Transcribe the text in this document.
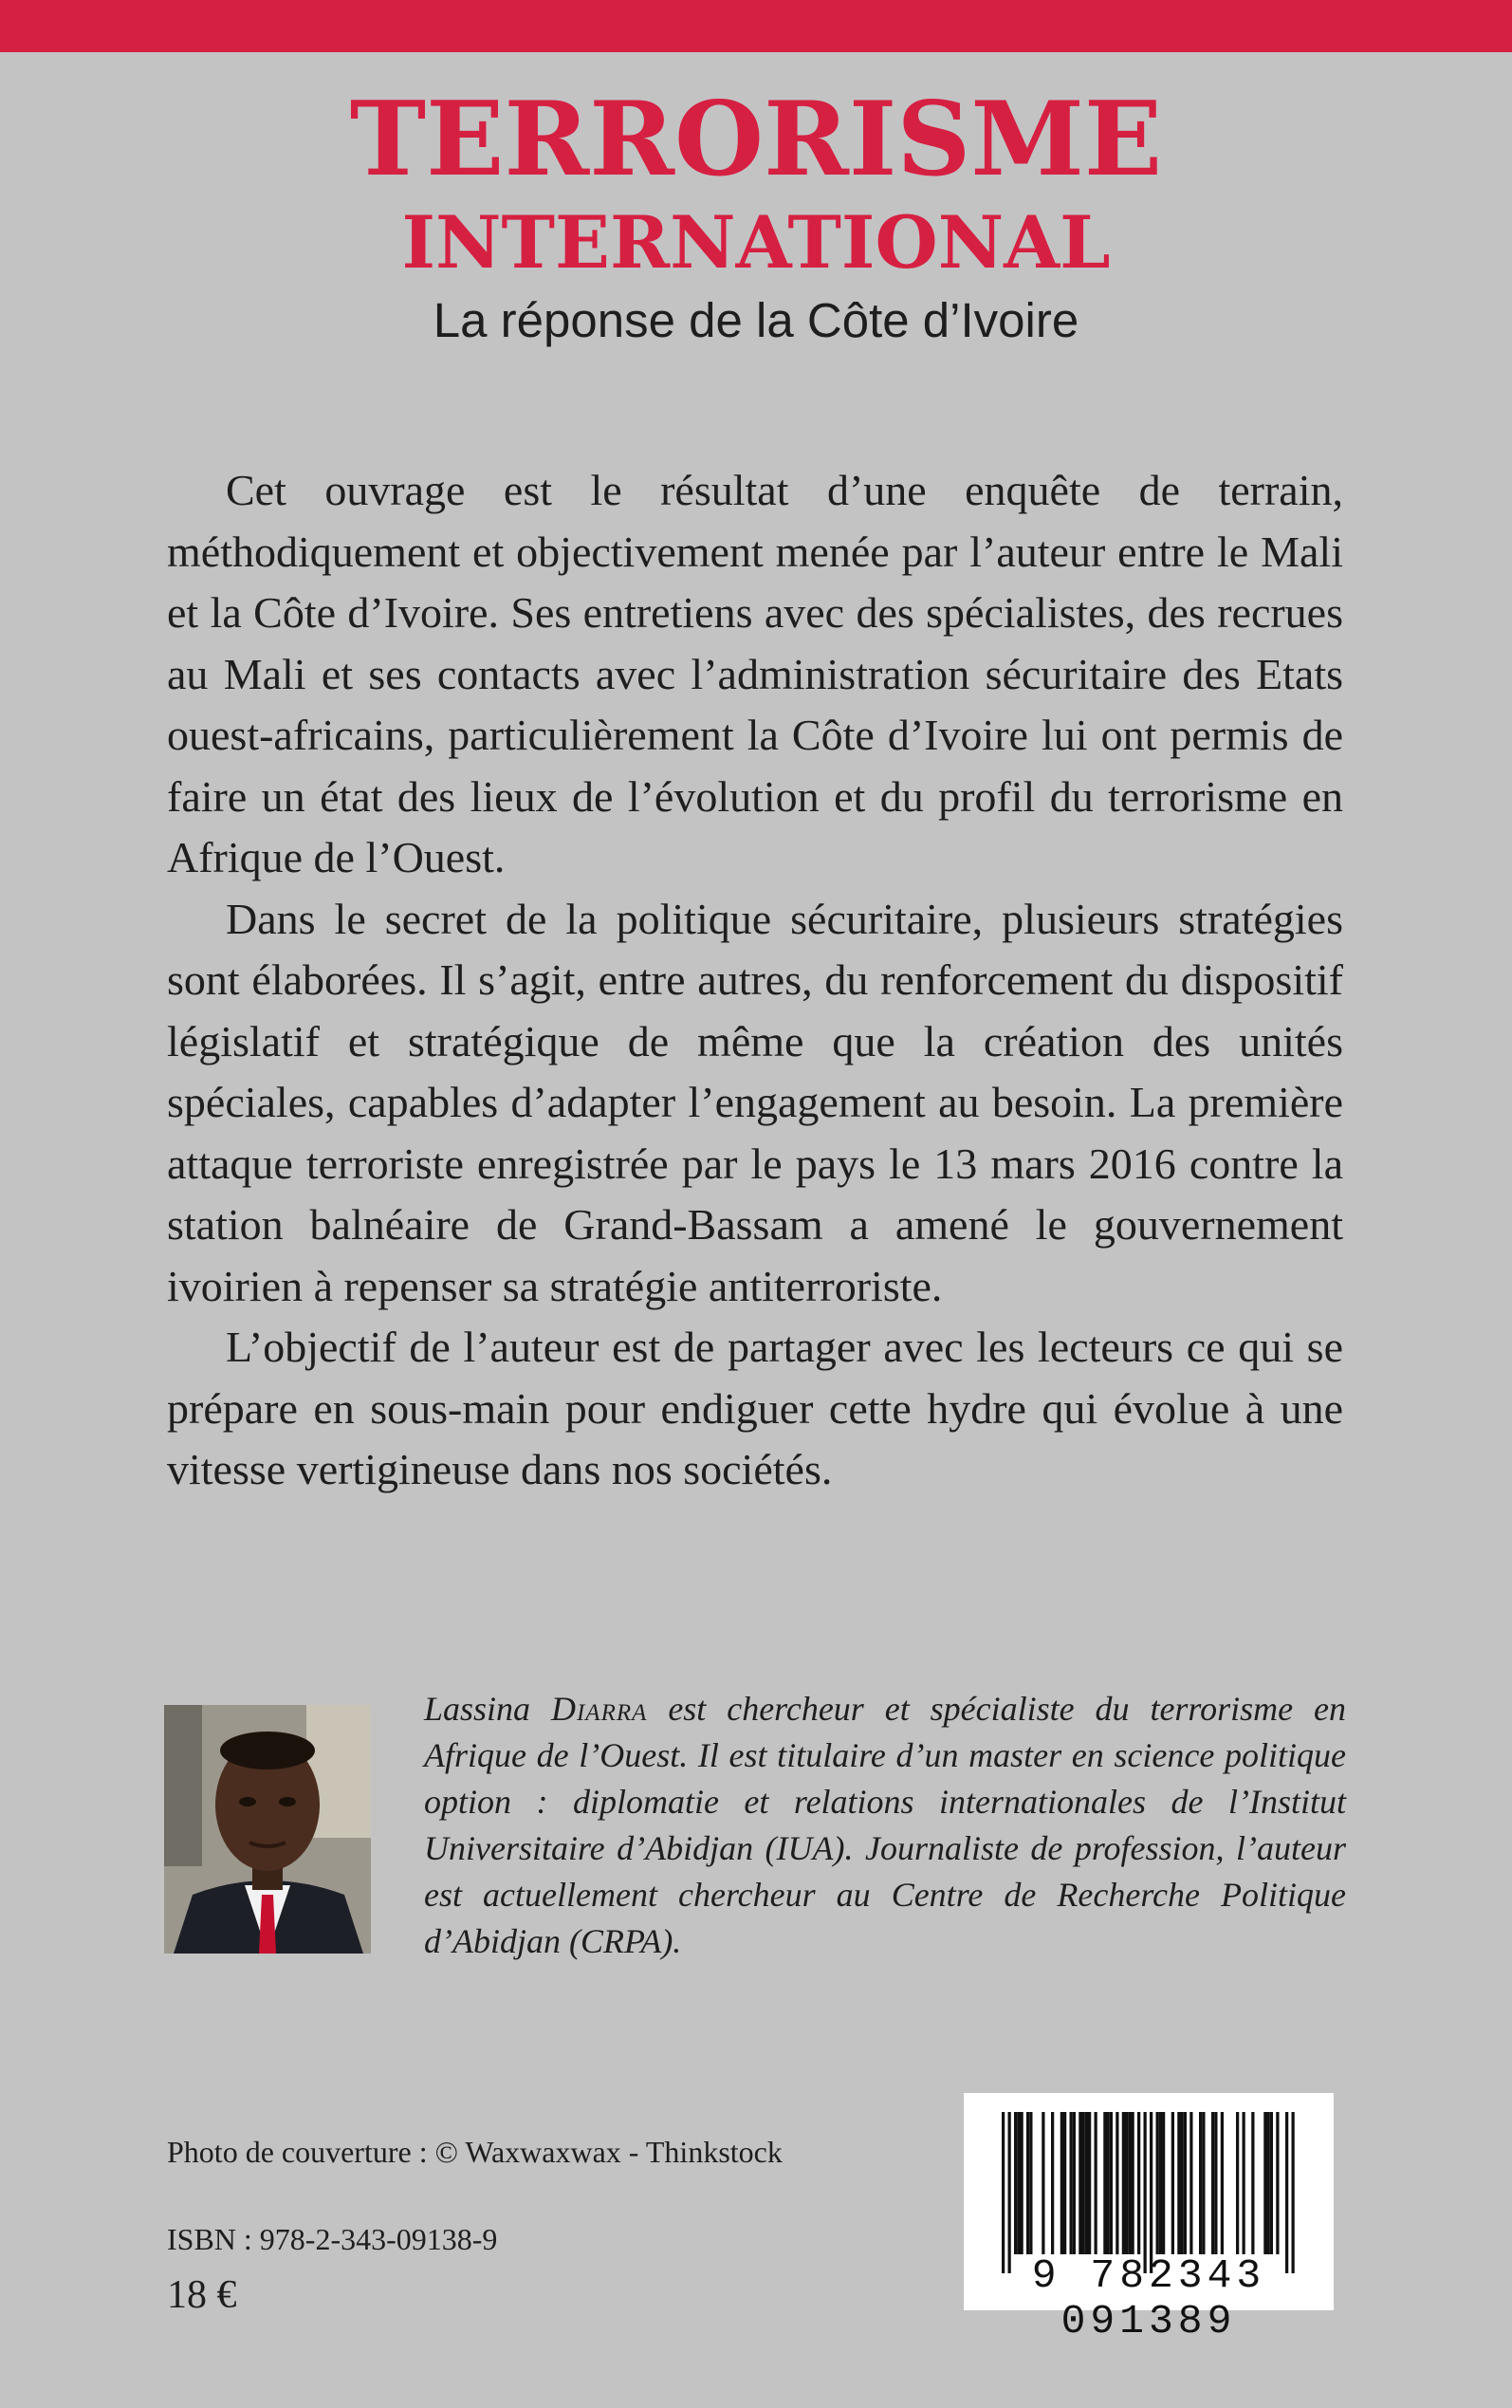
TERRORISME
INTERNATIONAL
La réponse de la Côte d’Ivoire

Cet ouvrage est le résultat d’une enquête de terrain, méthodiquement et objectivement menée par l’auteur entre le Mali et la Côte d’Ivoire. Ses entretiens avec des spécialistes, des recrues au Mali et ses contacts avec l’administration sécuritaire des Etats ouest-africains, particulièrement la Côte d’Ivoire lui ont permis de faire un état des lieux de l’évolution et du profil du terrorisme en Afrique de l’Ouest.

Dans le secret de la politique sécuritaire, plusieurs stratégies sont élaborées. Il s’agit, entre autres, du renforcement du dispositif législatif et stratégique de même que la création des unités spéciales, capables d’adapter l’engagement au besoin. La première attaque terroriste enregistrée par le pays le 13 mars 2016 contre la station balnéaire de Grand-Bassam a amené le gouvernement ivoirien à repenser sa stratégie antiterroriste.

L’objectif de l’auteur est de partager avec les lecteurs ce qui se prépare en sous-main pour endiguer cette hydre qui évolue à une vitesse vertigineuse dans nos sociétés.

Lassina Diarra est chercheur et spécialiste du terrorisme en Afrique de l’Ouest. Il est titulaire d’un master en science politique option : diplomatie et relations internationales de l’Institut Universitaire d’Abidjan (IUA). Journaliste de profession, l’auteur est actuellement chercheur au Centre de Recherche Politique d’Abidjan (CRPA).
Photo de couverture : © Waxwaxwax - Thinkstock
ISBN : 978-2-343-09138-9
18 €	9 782343 091389
